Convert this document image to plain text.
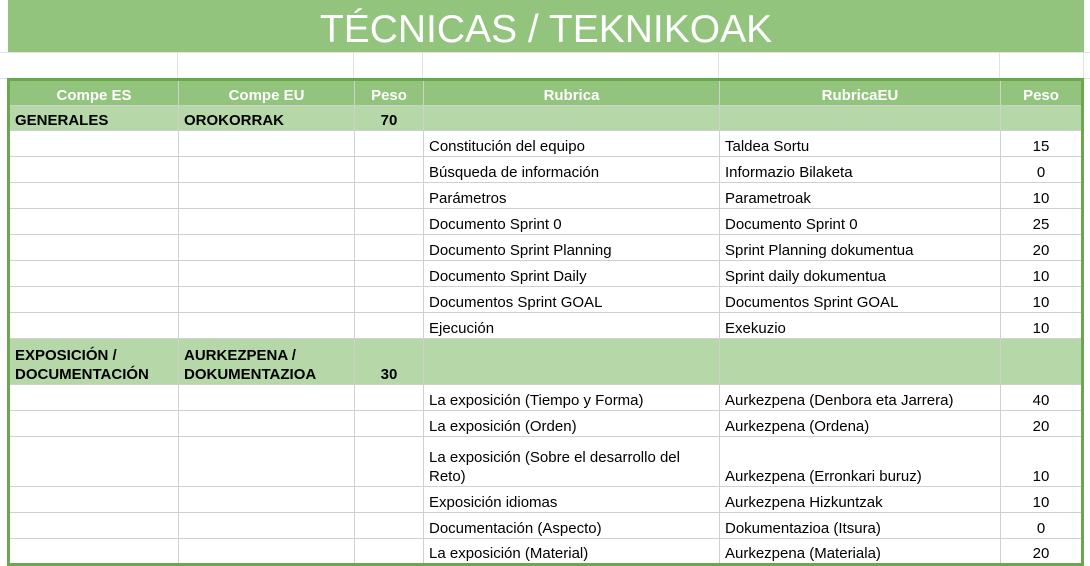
TÉCNICAS / TEKNIKOAK
Compe ES	Compe EU	Peso	Rubrica	RubricaEU	Peso
GENERALES	OROKORRAK	70			
			Constitución del equipo	Taldea Sortu	15
			Búsqueda de información	Informazio Bilaketa	0
			Parámetros	Parametroak	10
			Documento Sprint 0	Documento Sprint 0	25
			Documento Sprint Planning	Sprint Planning dokumentua	20
			Documento Sprint Daily	Sprint daily dokumentua	10
			Documentos Sprint GOAL	Documentos Sprint GOAL	10
			Ejecución	Exekuzio	10
EXPOSICIÓN / DOCUMENTACIÓN	AURKEZPENA / DOKUMENTAZIOA	30			
			La exposición (Tiempo y Forma)	Aurkezpena (Denbora eta Jarrera)	40
			La exposición (Orden)	Aurkezpena (Ordena)	20
			La exposición (Sobre el desarrollo del Reto)	Aurkezpena (Erronkari buruz)	10
			Exposición idiomas	Aurkezpena Hizkuntzak	10
			Documentación (Aspecto)	Dokumentazioa (Itsura)	0
			La exposición (Material)	Aurkezpena (Materiala)	20
